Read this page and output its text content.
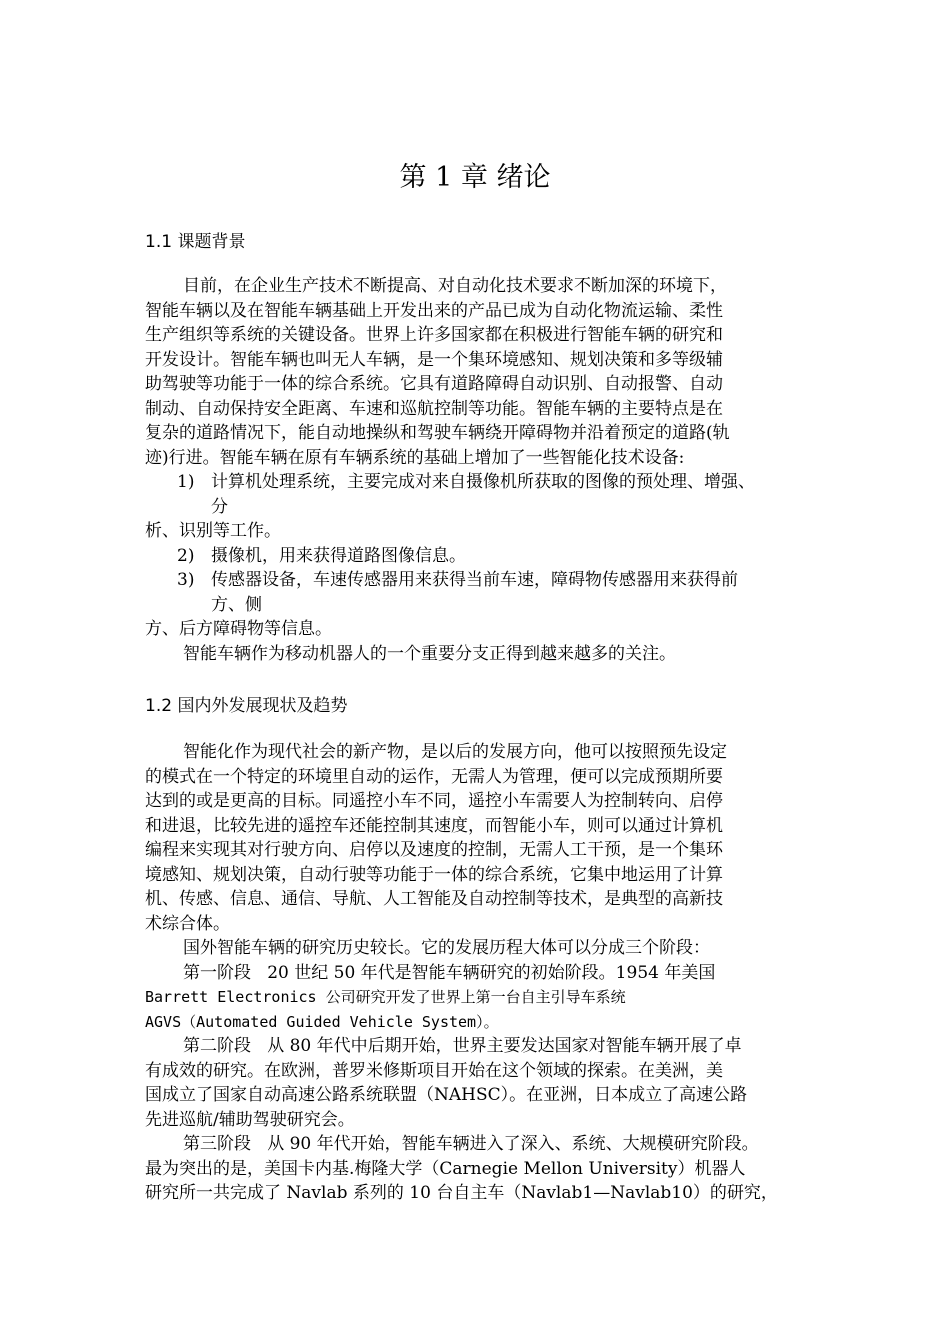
第 1 章 绪论
1.1 课题背景
目前，在企业生产技术不断提高、对自动化技术要求不断加深的环境下，
智能车辆以及在智能车辆基础上开发出来的产品已成为自动化物流运输、柔性
生产组织等系统的关键设备。世界上许多国家都在积极进行智能车辆的研究和
开发设计。智能车辆也叫无人车辆，是一个集环境感知、规划决策和多等级辅
助驾驶等功能于一体的综合系统。它具有道路障碍自动识别、自动报警、自动
制动、自动保持安全距离、车速和巡航控制等功能。智能车辆的主要特点是在
复杂的道路情况下，能自动地操纵和驾驶车辆绕开障碍物并沿着预定的道路(轨
迹)行进。智能车辆在原有车辆系统的基础上增加了一些智能化技术设备:
1) 计算机处理系统，主要完成对来自摄像机所获取的图像的预处理、增强、
分
析、识别等工作。
2) 摄像机，用来获得道路图像信息。
3) 传感器设备，车速传感器用来获得当前车速，障碍物传感器用来获得前
方、侧
方、后方障碍物等信息。
智能车辆作为移动机器人的一个重要分支正得到越来越多的关注。
1.2 国内外发展现状及趋势
智能化作为现代社会的新产物，是以后的发展方向，他可以按照预先设定
的模式在一个特定的环境里自动的运作，无需人为管理，便可以完成预期所要
达到的或是更高的目标。同遥控小车不同，遥控小车需要人为控制转向、启停
和进退，比较先进的遥控车还能控制其速度，而智能小车，则可以通过计算机
编程来实现其对行驶方向、启停以及速度的控制，无需人工干预，是一个集环
境感知、规划决策，自动行驶等功能于一体的综合系统，它集中地运用了计算
机、传感、信息、通信、导航、人工智能及自动控制等技术，是典型的高新技
术综合体。
国外智能车辆的研究历史较长。它的发展历程大体可以分成三个阶段：
第一阶段   20 世纪 50 年代是智能车辆研究的初始阶段。1954 年美国
Barrett Electronics 公司研究开发了世界上第一台自主引导车系统
AGVS（Automated Guided Vehicle System）。
第二阶段   从 80 年代中后期开始，世界主要发达国家对智能车辆开展了卓
有成效的研究。在欧洲，普罗米修斯项目开始在这个领域的探索。在美洲，美
国成立了国家自动高速公路系统联盟（NAHSC）。在亚洲，日本成立了高速公路
先进巡航/辅助驾驶研究会。
第三阶段   从 90 年代开始，智能车辆进入了深入、系统、大规模研究阶段。
最为突出的是，美国卡内基.梅隆大学（Carnegie Mellon University）机器人
研究所一共完成了 Navlab 系列的 10 台自主车（Navlab1—Navlab10）的研究，
